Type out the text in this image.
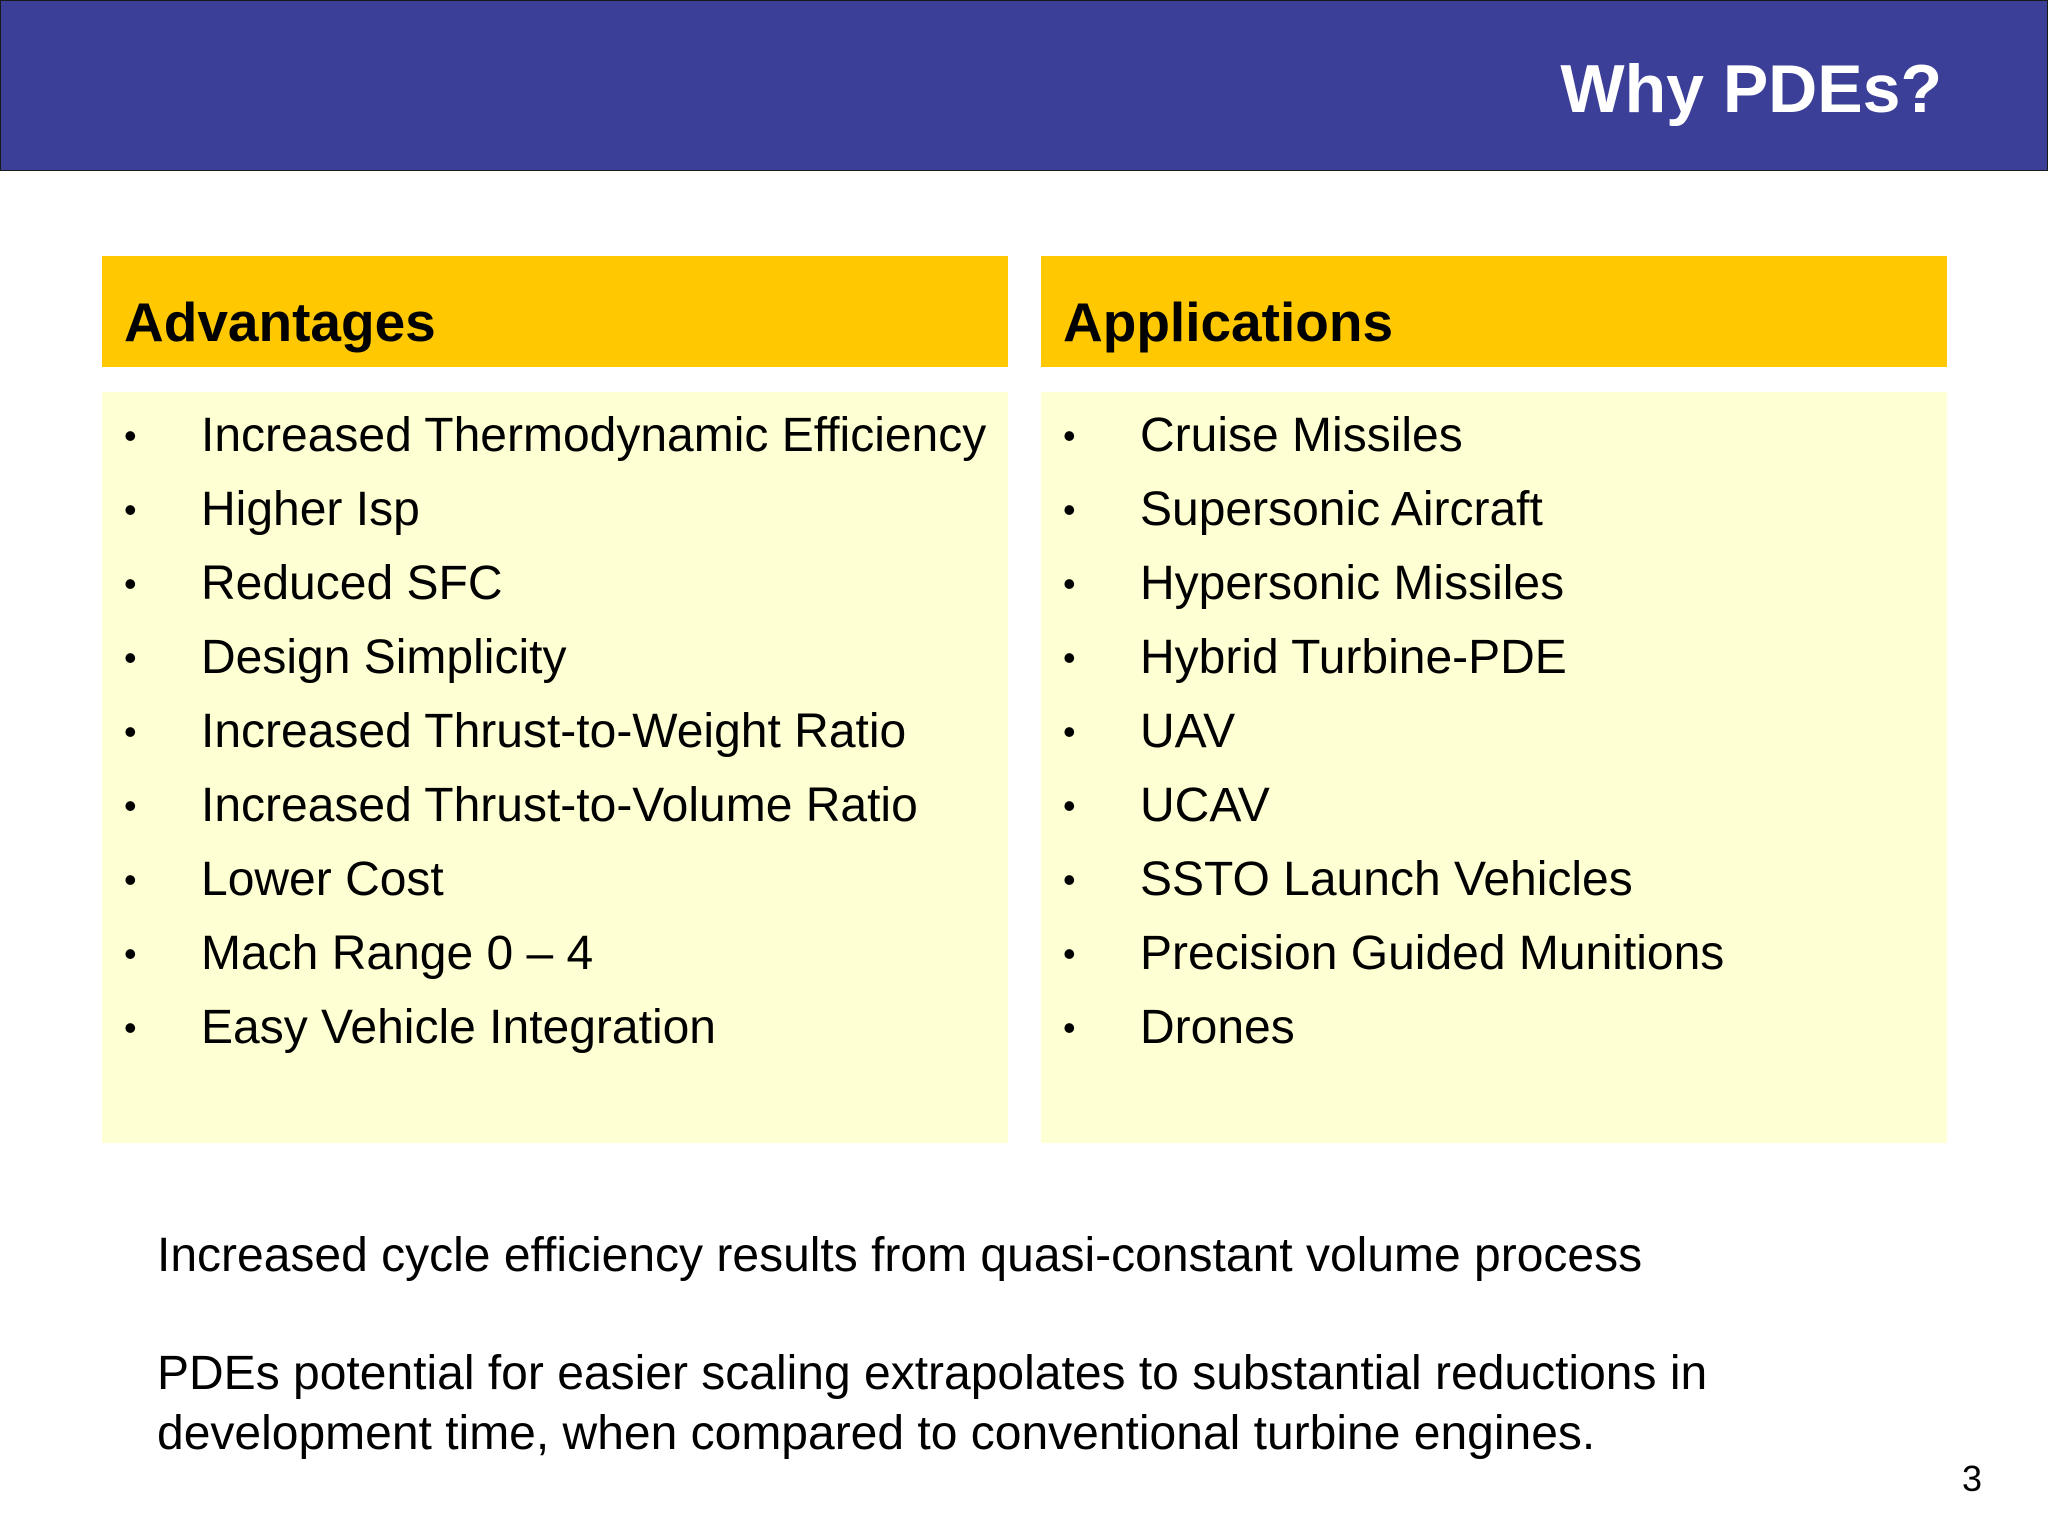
Why PDEs?
Advantages
• Increased Thermodynamic Efficiency
• Higher Isp
• Reduced SFC
• Design Simplicity
• Increased Thrust-to-Weight Ratio
• Increased Thrust-to-Volume Ratio
• Lower Cost
• Mach Range 0 – 4
• Easy Vehicle Integration
Applications
• Cruise Missiles
• Supersonic Aircraft
• Hypersonic Missiles
• Hybrid Turbine-PDE
• UAV
• UCAV
• SSTO Launch Vehicles
• Precision Guided Munitions
• Drones
Increased cycle efficiency results from quasi-constant volume process
PDEs potential for easier scaling extrapolates to substantial reductions in development time, when compared to conventional turbine engines.
3
